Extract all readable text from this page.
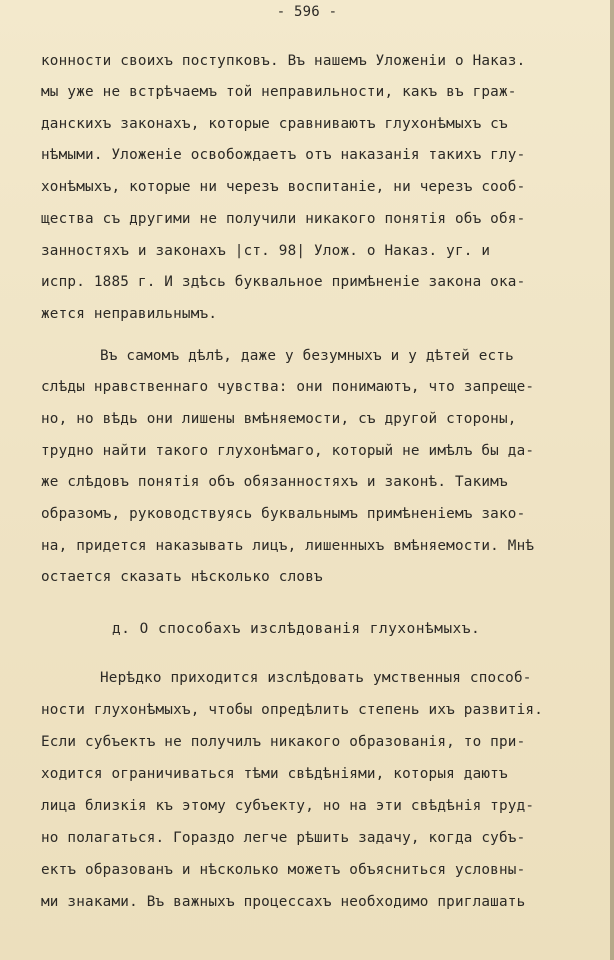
- 596 -
конности своихъ поступковъ. Въ нашемъ Уложенiи о Наказ.
мы уже не встрѣчаемъ той неправильности, какъ въ граж-
данскихъ законахъ, которые сравниваютъ глухонѣмыхъ съ
нѣмыми. Уложенiе освобождаетъ отъ наказанiя такихъ глу-
хонѣмыхъ, которые ни черезъ воспитанiе, ни черезъ сооб-
щества съ другими не получили никакого понятiя объ обя-
занностяхъ и законахъ |ст. 98| Улож. о Наказ. уг. и
испр. 1885 г. И здѣсь буквальное примѣненiе закона ока-
жется неправильнымъ.
Въ самомъ дѣлѣ, даже у безумныхъ и у дѣтей есть
слѣды нравственнаго чувства: они понимаютъ, что запреще-
но, но вѣдь они лишены вмѣняемости, съ другой стороны,
трудно найти такого глухонѣмаго, который не имѣлъ бы да-
же слѣдовъ понятiя объ обязанностяхъ и законѣ. Такимъ
образомъ, руководствуясь буквальнымъ примѣненiемъ зако-
на, придется наказывать лицъ, лишенныхъ вмѣняемости. Мнѣ
остается сказать нѣсколько словъ
д. О способахъ изслѣдованiя глухонѣмыхъ.
Нерѣдко приходится изслѣдовать умственныя способ-
ности глухонѣмыхъ, чтобы опредѣлить степень ихъ развитiя.
Если субъектъ не получилъ никакого образованiя, то при-
ходится ограничиваться тѣми свѣдѣнiями, которыя даютъ
лица близкiя къ этому субъекту, но на эти свѣдѣнiя труд-
но полагаться. Гораздо легче рѣшить задачу, когда субъ-
ектъ образованъ и нѣсколько можетъ объясниться условны-
ми знаками. Въ важныхъ процессахъ необходимо приглашать
